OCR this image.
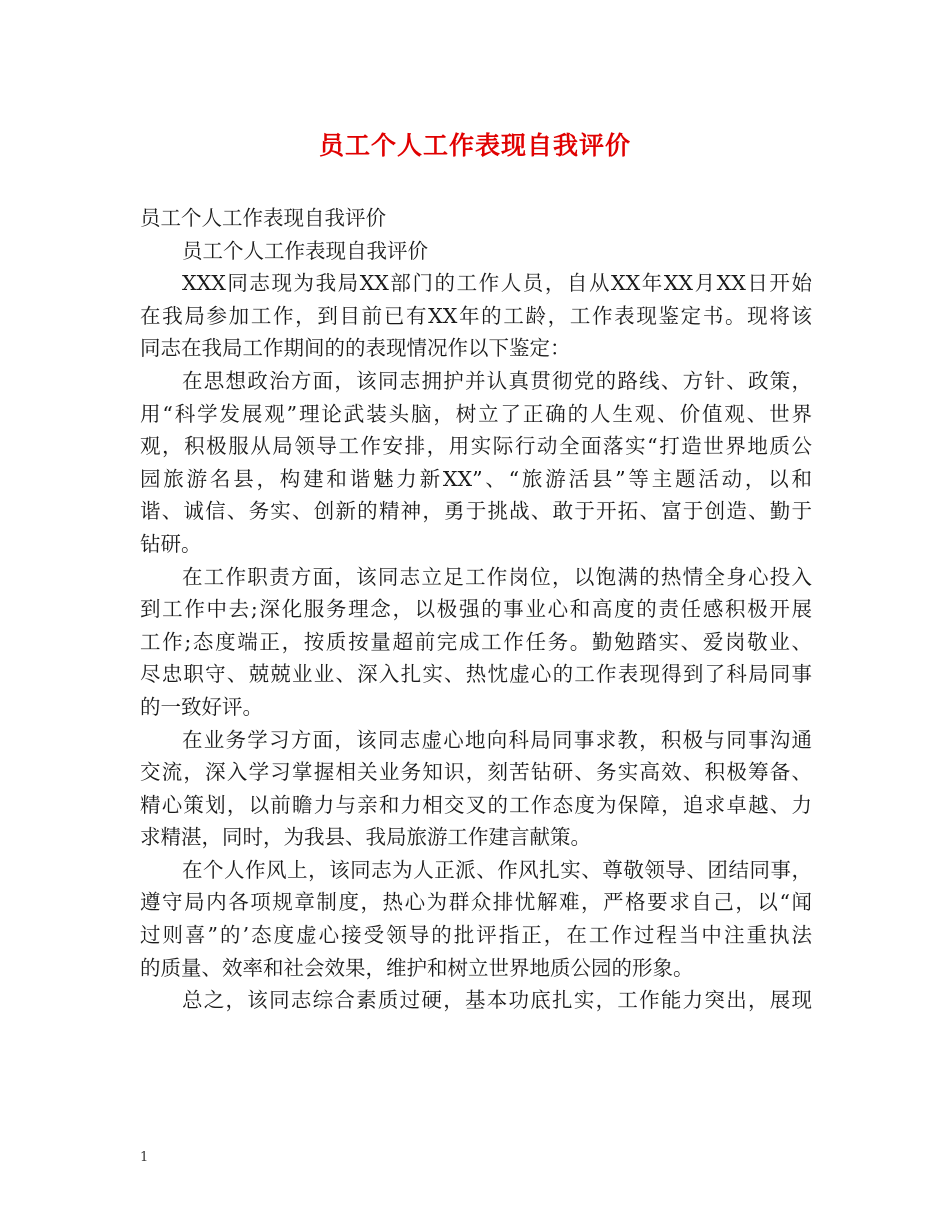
员工个人工作表现自我评价

员工个人工作表现自我评价

员工个人工作表现自我评价

XXX同志现为我局XX部门的工作人员，自从XX年XX月XX日开始

在我局参加工作，到目前已有XX年的工龄，工作表现鉴定书。现将该

同志在我局工作期间的的表现情况作以下鉴定：

在思想政治方面，该同志拥护并认真贯彻党的路线、方针、政策，

用“科学发展观”理论武装头脑，树立了正确的人生观、价值观、世界

观，积极服从局领导工作安排，用实际行动全面落实“打造世界地质公

园旅游名县，构建和谐魅力新XX”、“旅游活县”等主题活动，以和

谐、诚信、务实、创新的精神，勇于挑战、敢于开拓、富于创造、勤于

钻研。

在工作职责方面，该同志立足工作岗位，以饱满的热情全身心投入

到工作中去;深化服务理念，以极强的事业心和高度的责任感积极开展

工作;态度端正，按质按量超前完成工作任务。勤勉踏实、爱岗敬业、

尽忠职守、兢兢业业、深入扎实、热忱虚心的工作表现得到了科局同事

的一致好评。

在业务学习方面，该同志虚心地向科局同事求教，积极与同事沟通

交流，深入学习掌握相关业务知识，刻苦钻研、务实高效、积极筹备、

精心策划，以前瞻力与亲和力相交叉的工作态度为保障，追求卓越、力

求精湛，同时，为我县、我局旅游工作建言献策。

在个人作风上，该同志为人正派、作风扎实、尊敬领导、团结同事，

遵守局内各项规章制度，热心为群众排忧解难，严格要求自己，以“闻

过则喜”的’态度虚心接受领导的批评指正，在工作过程当中注重执法

的质量、效率和社会效果，维护和树立世界地质公园的形象。

总之，该同志综合素质过硬，基本功底扎实，工作能力突出，展现

1
